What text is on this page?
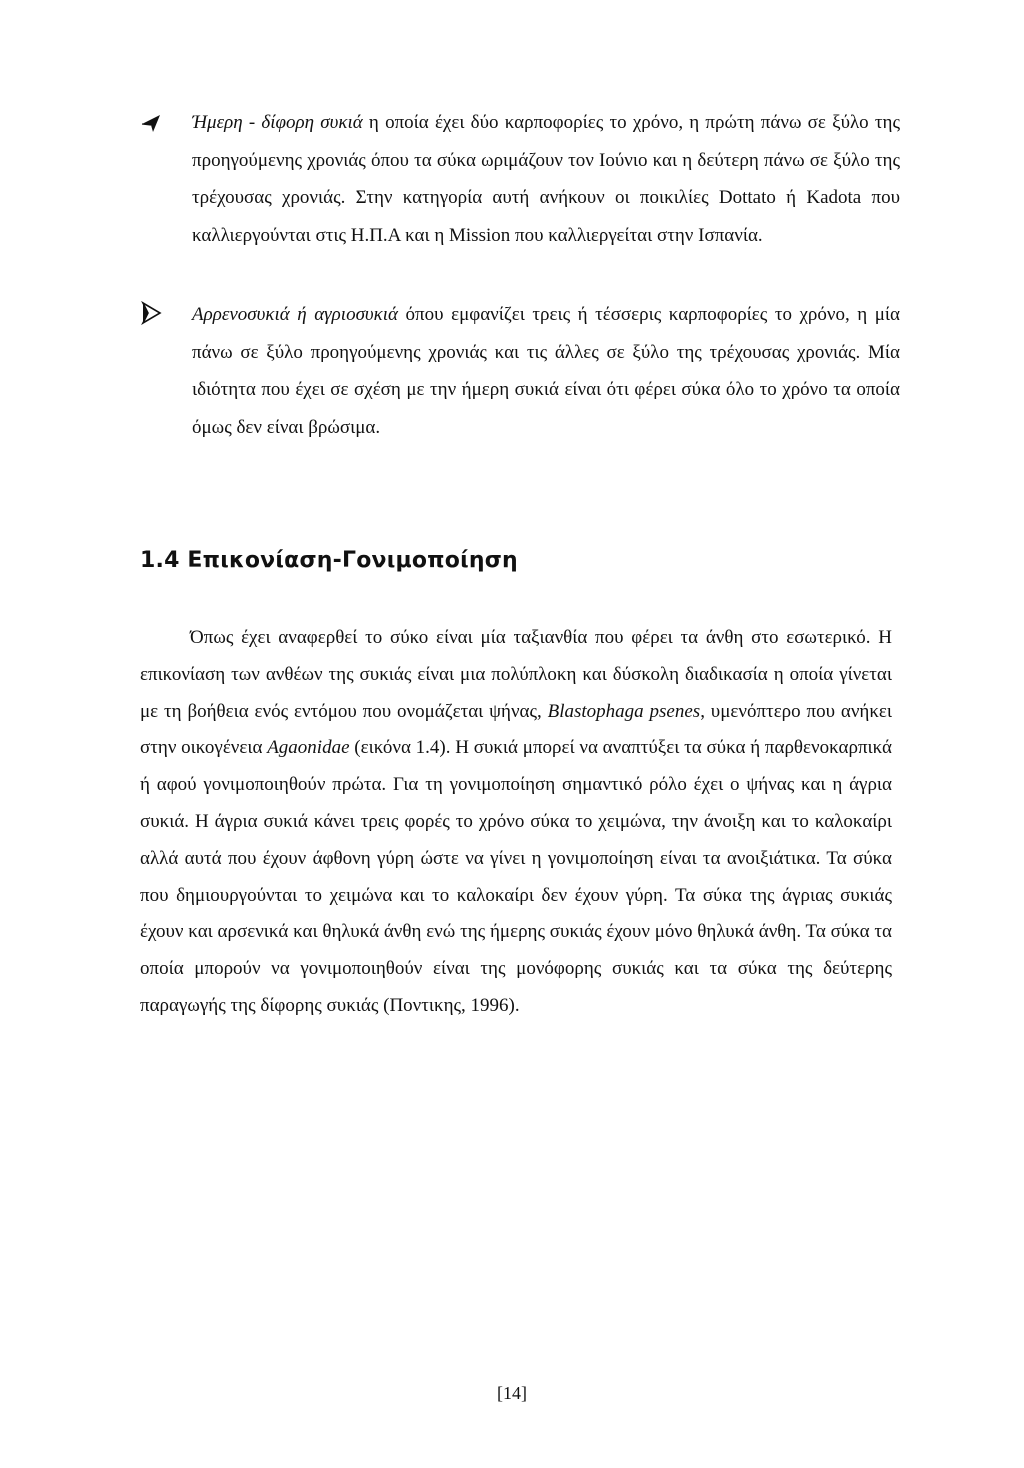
Ήμερη - δίφορη συκιά η οποία έχει δύο καρποφορίες το χρόνο, η πρώτη πάνω σε ξύλο της προηγούμενης χρονιάς όπου τα σύκα ωριμάζουν τον Ιούνιο και η δεύτερη πάνω σε ξύλο της τρέχουσας χρονιάς. Στην κατηγορία αυτή ανήκουν οι ποικιλίες Dottato ή Kadota που καλλιεργούνται στις Η.Π.Α και η Mission που καλλιεργείται στην Ισπανία.

Αρρενοσυκιά ή αγριοσυκιά όπου εμφανίζει τρεις ή τέσσερις καρποφορίες το χρόνο, η μία πάνω σε ξύλο προηγούμενης χρονιάς και τις άλλες σε ξύλο της τρέχουσας χρονιάς. Μία ιδιότητα που έχει σε σχέση με την ήμερη συκιά είναι ότι φέρει σύκα όλο το χρόνο τα οποία όμως δεν είναι βρώσιμα.

1.4 Επικονίαση-Γονιμοποίηση

Όπως έχει αναφερθεί το σύκο είναι μία ταξιανθία που φέρει τα άνθη στο εσωτερικό. Η επικονίαση των ανθέων της συκιάς είναι μια πολύπλοκη και δύσκολη διαδικασία η οποία γίνεται με τη βοήθεια ενός εντόμου που ονομάζεται ψήνας, Blastophaga psenes, υμενόπτερο που ανήκει στην οικογένεια Agaonidae (εικόνα 1.4). Η συκιά μπορεί να αναπτύξει τα σύκα ή παρθενοκαρπικά ή αφού γονιμοποιηθούν πρώτα. Για τη γονιμοποίηση σημαντικό ρόλο έχει ο ψήνας και η άγρια συκιά. Η άγρια συκιά κάνει τρεις φορές το χρόνο σύκα το χειμώνα, την άνοιξη και το καλοκαίρι αλλά αυτά που έχουν άφθονη γύρη ώστε να γίνει η γονιμοποίηση είναι τα ανοιξιάτικα. Τα σύκα που δημιουργούνται το χειμώνα και το καλοκαίρι δεν έχουν γύρη. Τα σύκα της άγριας συκιάς έχουν και αρσενικά και θηλυκά άνθη ενώ της ήμερης συκιάς έχουν μόνο θηλυκά άνθη. Τα σύκα τα οποία μπορούν να γονιμοποιηθούν είναι της μονόφορης συκιάς και τα σύκα της δεύτερης παραγωγής της δίφορης συκιάς (Ποντικης, 1996).

[14]
